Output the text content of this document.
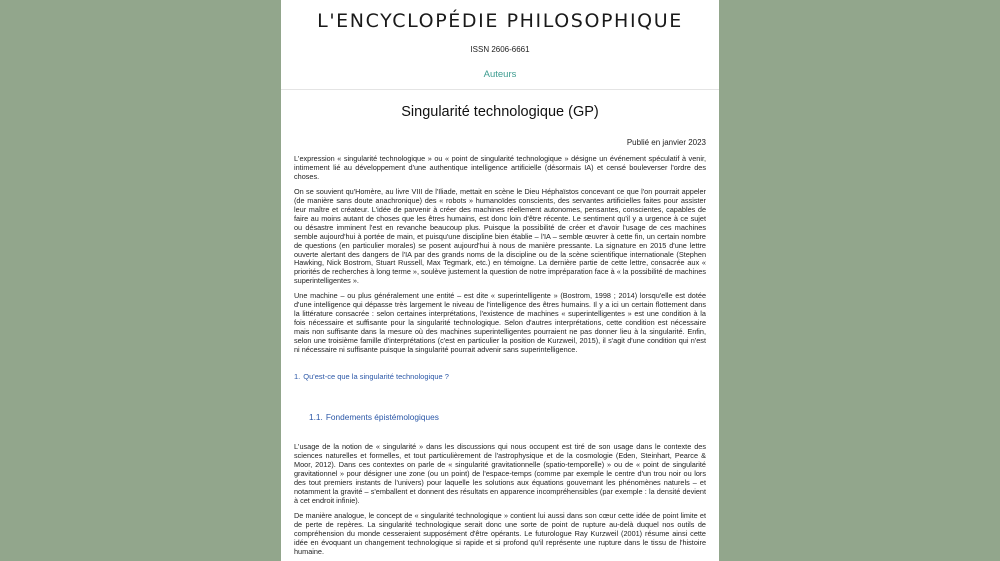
L'ENCYCLOPÉDIE PHILOSOPHIQUE
ISSN 2606-6661
Auteurs
Singularité technologique (GP)
Publié en janvier 2023

L'expression « singularité technologique » ou « point de singularité technologique » désigne un événement spéculatif à venir, intimement lié au développement d'une authentique intelligence artificielle (désormais IA) et censé bouleverser l'ordre des choses.

On se souvient qu'Homère, au livre VIII de l'Iliade, mettait en scène le Dieu Héphaïstos concevant ce que l'on pourrait appeler (de manière sans doute anachronique) des « robots » humanoïdes conscients, des servantes artificielles faites pour assister leur maître et créateur. L'idée de parvenir à créer des machines réellement autonomes, pensantes, conscientes, capables de faire au moins autant de choses que les êtres humains, est donc loin d'être récente. Le sentiment qu'il y a urgence à ce sujet ou désastre imminent l'est en revanche beaucoup plus. Puisque la possibilité de créer et d'avoir l'usage de ces machines semble aujourd'hui à portée de main, et puisqu'une discipline bien établie – l'IA – semble œuvrer à cette fin, un certain nombre de questions (en particulier morales) se posent aujourd'hui à nous de manière pressante. La signature en 2015 d'une lettre ouverte alertant des dangers de l'IA par des grands noms de la discipline ou de la scène scientifique internationale (Stephen Hawking, Nick Bostrom, Stuart Russell, Max Tegmark, etc.) en témoigne. La dernière partie de cette lettre, consacrée aux « priorités de recherches à long terme », soulève justement la question de notre impréparation face à « la possibilité de machines superintelligentes ».

Une machine – ou plus généralement une entité – est dite « superintelligente » (Bostrom, 1998 ; 2014) lorsqu'elle est dotée d'une intelligence qui dépasse très largement le niveau de l'intelligence des êtres humains. Il y a ici un certain flottement dans la littérature consacrée : selon certaines interprétations, l'existence de machines « superintelligentes » est une condition à la fois nécessaire et suffisante pour la singularité technologique. Selon d'autres interprétations, cette condition est nécessaire mais non suffisante dans la mesure où des machines superintelligentes pourraient ne pas donner lieu à la singularité. Enfin, selon une troisième famille d'interprétations (c'est en particulier la position de Kurzweil, 2015), il s'agit d'une condition qui n'est ni nécessaire ni suffisante puisque la singularité pourrait advenir sans superintelligence.

1. Qu'est-ce que la singularité technologique ?
1.1. Fondements épistémologiques

L'usage de la notion de « singularité » dans les discussions qui nous occupent est tiré de son usage dans le contexte des sciences naturelles et formelles, et tout particulièrement de l'astrophysique et de la cosmologie (Eden, Steinhart, Pearce & Moor, 2012). Dans ces contextes on parle de « singularité gravitationnelle (spatio-temporelle) » ou de « point de singularité gravitationnel » pour désigner une zone (ou un point) de l'espace-temps (comme par exemple le centre d'un trou noir ou lors des tout premiers instants de l'univers) pour laquelle les solutions aux équations gouvernant les phénomènes naturels – et notamment la gravité – s'emballent et donnent des résultats en apparence incompréhensibles (par exemple : la densité devient à cet endroit infinie).

De manière analogue, le concept de « singularité technologique » contient lui aussi dans son cœur cette idée de point limite et de perte de repères. La singularité technologique serait donc une sorte de point de rupture au-delà duquel nos outils de compréhension du monde cesseraient supposément d'être opérants. Le futurologue Ray Kurzweil (2001) résume ainsi cette idée en évoquant un changement technologique si rapide et si profond qu'il représente une rupture dans le tissu de l'histoire humaine.
